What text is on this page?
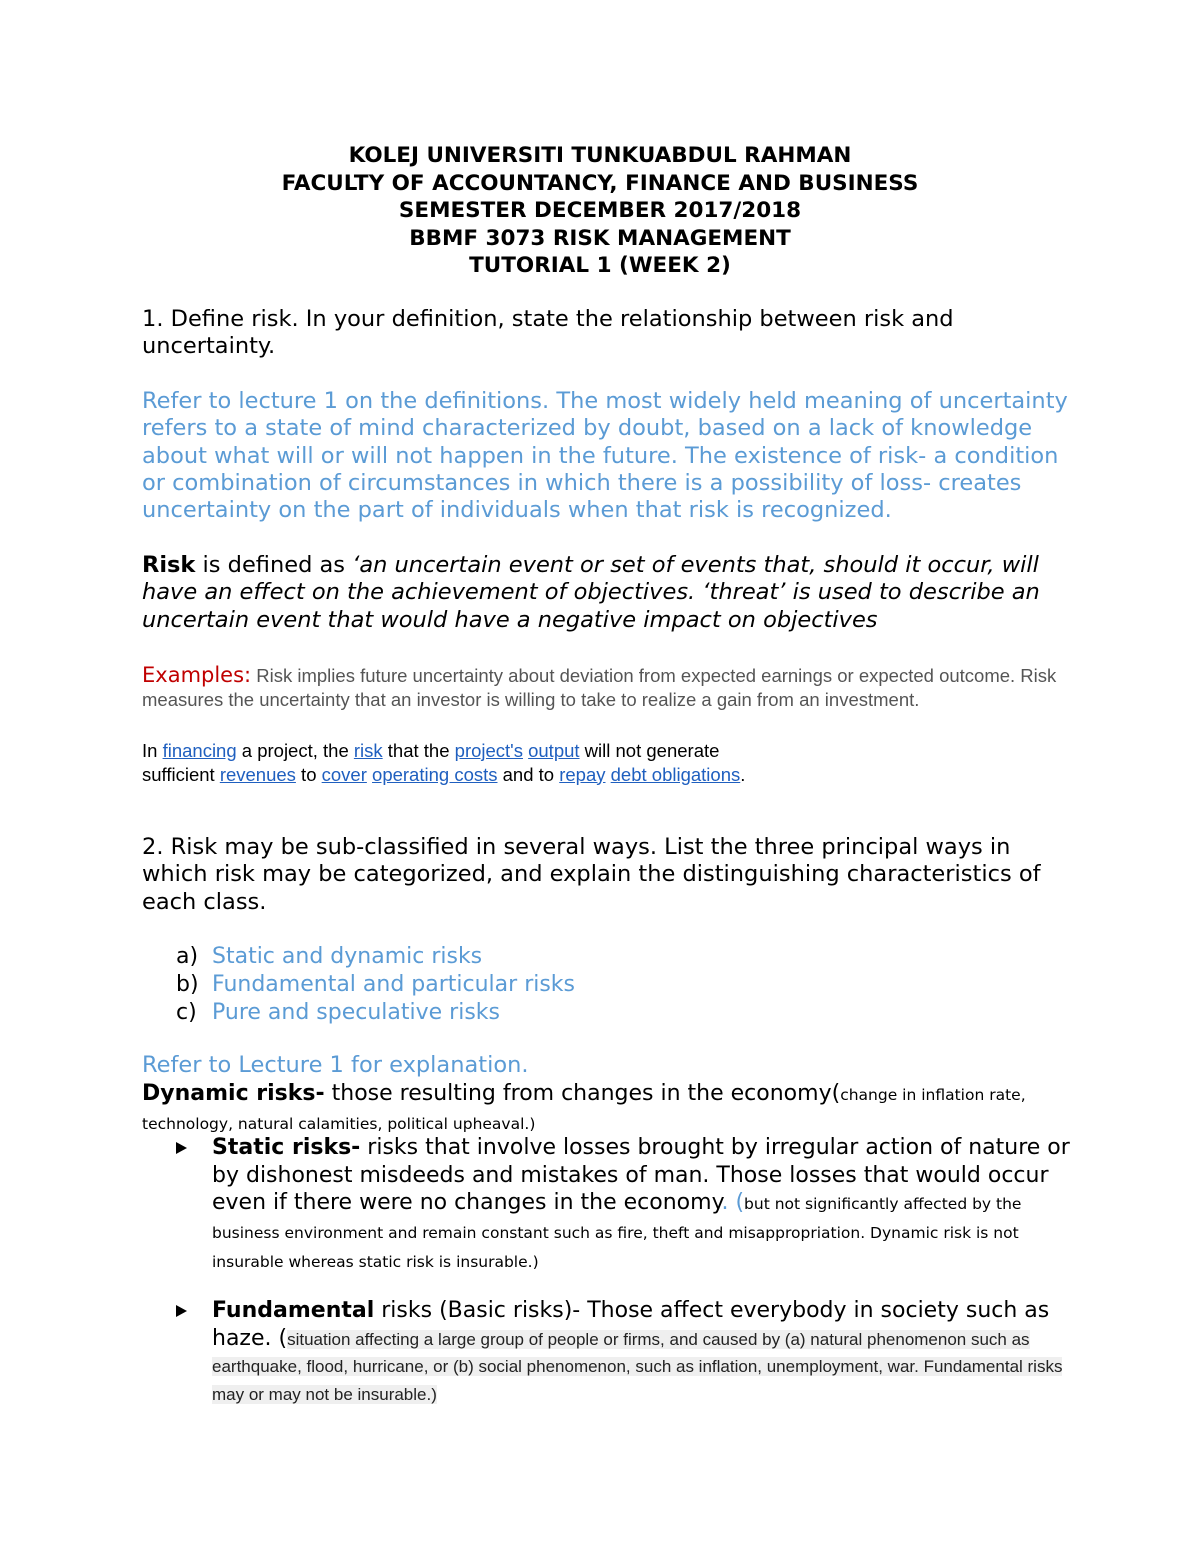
KOLEJ UNIVERSITI TUNKUABDUL RAHMAN
FACULTY OF ACCOUNTANCY, FINANCE AND BUSINESS
SEMESTER DECEMBER 2017/2018
BBMF 3073 RISK MANAGEMENT
TUTORIAL 1 (WEEK 2)
1. Define risk. In your definition, state the relationship between risk and uncertainty.
Refer to lecture 1 on the definitions. The most widely held meaning of uncertainty refers to a state of mind characterized by doubt, based on a lack of knowledge about what will or will not happen in the future. The existence of risk- a condition or combination of circumstances in which there is a possibility of loss- creates uncertainty on the part of individuals when that risk is recognized.
Risk is defined as ‘an uncertain event or set of events that, should it occur, will have an effect on the achievement of objectives. ‘threat’ is used to describe an uncertain event that would have a negative impact on objectives
Examples: Risk implies future uncertainty about deviation from expected earnings or expected outcome. Risk measures the uncertainty that an investor is willing to take to realize a gain from an investment.
In financing a project, the risk that the project's output will not generate
sufficient revenues to cover operating costs and to repay debt obligations.
2. Risk may be sub-classified in several ways. List the three principal ways in which risk may be categorized, and explain the distinguishing characteristics of each class.
a) Static and dynamic risks
b) Fundamental and particular risks
c) Pure and speculative risks
Refer to Lecture 1 for explanation.
Dynamic risks- those resulting from changes in the economy(change in inflation rate, technology, natural calamities, political upheaval.)
Static risks- risks that involve losses brought by irregular action of nature or by dishonest misdeeds and mistakes of man. Those losses that would occur even if there were no changes in the economy. (but not significantly affected by the business environment and remain constant such as fire, theft and misappropriation. Dynamic risk is not insurable whereas static risk is insurable.)
Fundamental risks (Basic risks)- Those affect everybody in society such as haze. (situation affecting a large group of people or firms, and caused by (a) natural phenomenon such as earthquake, flood, hurricane, or (b) social phenomenon, such as inflation, unemployment, war. Fundamental risks may or may not be insurable.)
